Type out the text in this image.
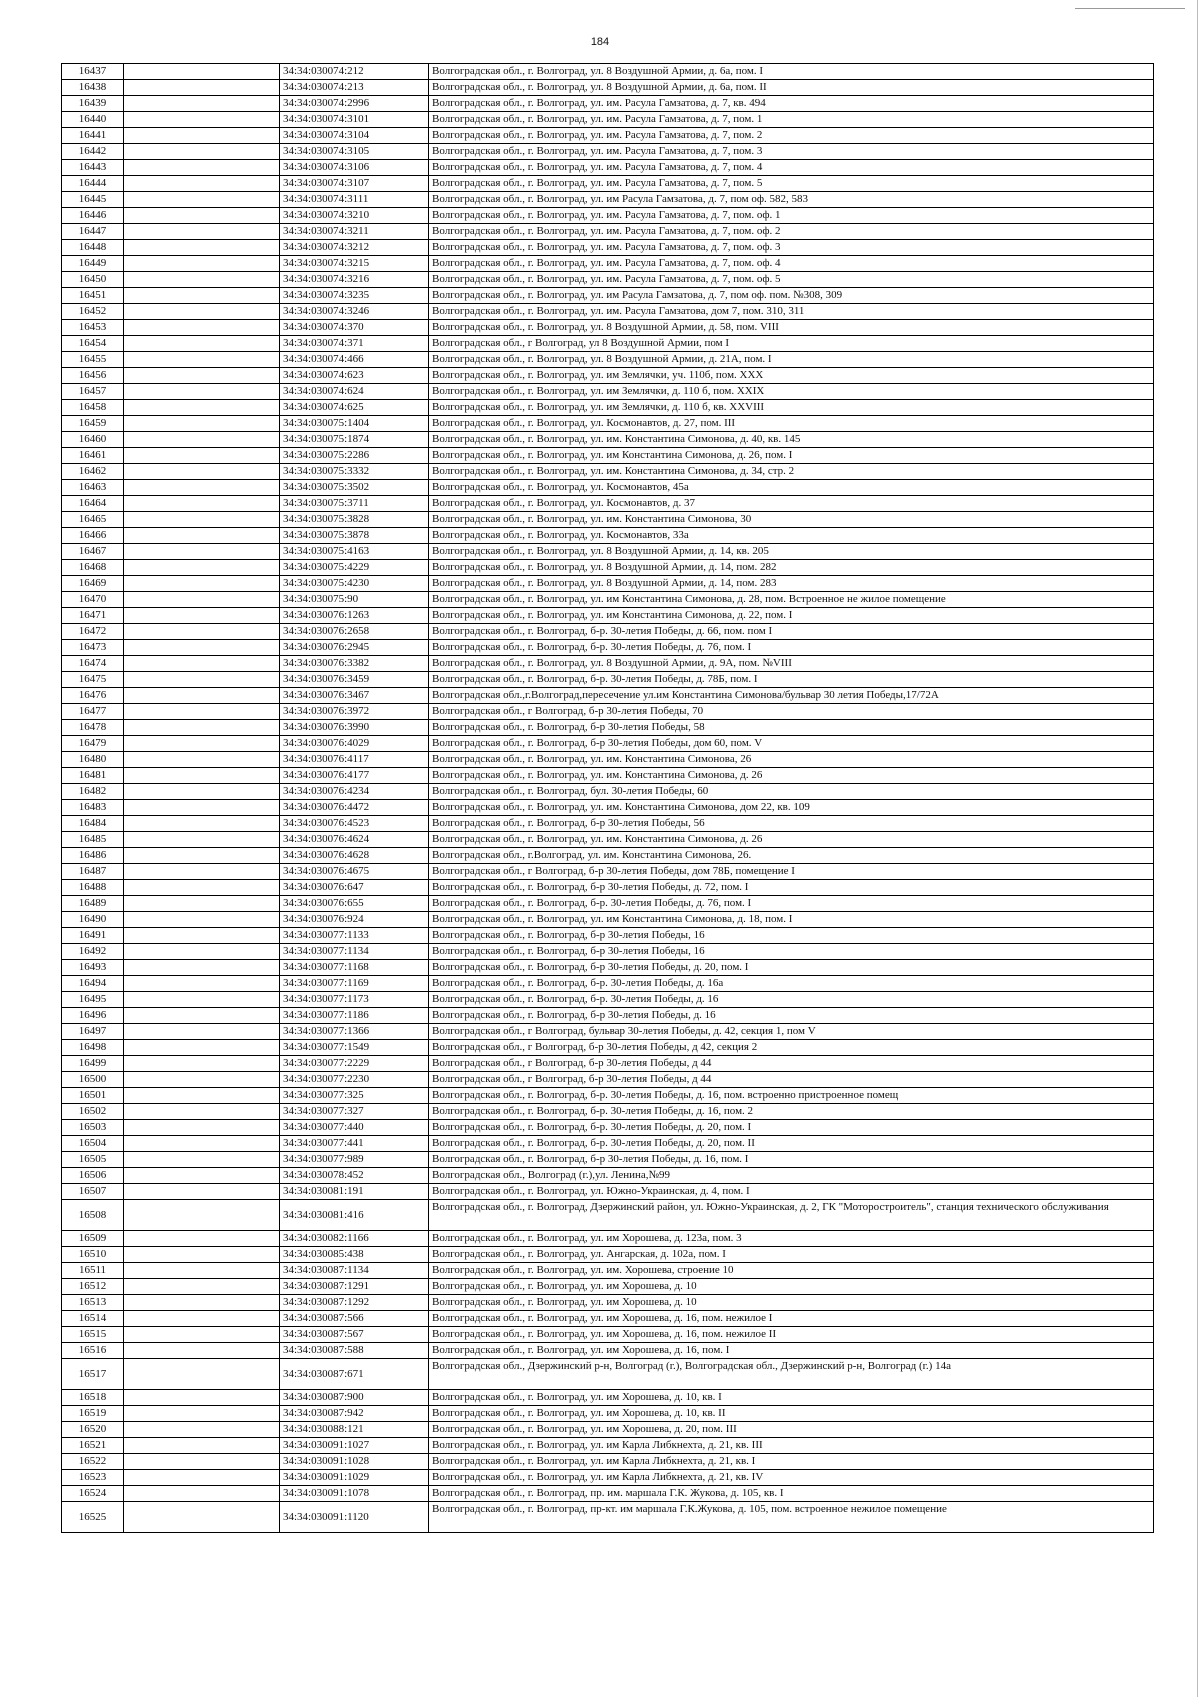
184
16437		34:34:030074:212	Волгоградская обл., г. Волгоград, ул. 8 Воздушной Армии, д. 6а, пом. I
16438		34:34:030074:213	Волгоградская обл., г. Волгоград, ул. 8 Воздушной Армии, д. 6а, пом. II
16439		34:34:030074:2996	Волгоградская обл., г. Волгоград, ул. им. Расула Гамзатова, д. 7, кв. 494
16440		34:34:030074:3101	Волгоградская обл., г. Волгоград, ул. им. Расула Гамзатова, д. 7, пом. 1
16441		34:34:030074:3104	Волгоградская обл., г. Волгоград, ул. им. Расула Гамзатова, д. 7, пом. 2
16442		34:34:030074:3105	Волгоградская обл., г. Волгоград, ул. им. Расула Гамзатова, д. 7, пом. 3
16443		34:34:030074:3106	Волгоградская обл., г. Волгоград, ул. им. Расула Гамзатова, д. 7, пом. 4
16444		34:34:030074:3107	Волгоградская обл., г. Волгоград, ул. им. Расула Гамзатова, д. 7, пом. 5
16445		34:34:030074:3111	Волгоградская обл., г. Волгоград, ул. им Расула Гамзатова, д. 7, пом оф. 582, 583
16446		34:34:030074:3210	Волгоградская обл., г. Волгоград, ул. им. Расула Гамзатова, д. 7, пом. оф. 1
16447		34:34:030074:3211	Волгоградская обл., г. Волгоград, ул. им. Расула Гамзатова, д. 7, пом. оф. 2
16448		34:34:030074:3212	Волгоградская обл., г. Волгоград, ул. им. Расула Гамзатова, д. 7, пом. оф. 3
16449		34:34:030074:3215	Волгоградская обл., г. Волгоград, ул. им. Расула Гамзатова, д. 7, пом. оф. 4
16450		34:34:030074:3216	Волгоградская обл., г. Волгоград, ул. им. Расула Гамзатова, д. 7, пом. оф. 5
16451		34:34:030074:3235	Волгоградская обл., г. Волгоград, ул. им Расула Гамзатова, д. 7, пом оф. пом. №308, 309
16452		34:34:030074:3246	Волгоградская обл., г. Волгоград, ул. им. Расула Гамзатова, дом 7, пом. 310, 311
16453		34:34:030074:370	Волгоградская обл., г. Волгоград, ул. 8 Воздушной Армии, д. 58, пом. VIII
16454		34:34:030074:371	Волгоградская обл., г Волгоград, ул 8 Воздушной Армии, пом I
16455		34:34:030074:466	Волгоградская обл., г. Волгоград, ул. 8 Воздушной Армии, д. 21А, пом. I
16456		34:34:030074:623	Волгоградская обл., г. Волгоград, ул. им Землячки, уч. 110б, пом. XXX
16457		34:34:030074:624	Волгоградская обл., г. Волгоград, ул. им Землячки, д. 110 б, пом. XXIX
16458		34:34:030074:625	Волгоградская обл., г. Волгоград, ул. им Землячки, д. 110 б, кв. XXVIII
16459		34:34:030075:1404	Волгоградская обл., г. Волгоград, ул. Космонавтов, д. 27, пом. III
16460		34:34:030075:1874	Волгоградская обл., г. Волгоград, ул. им. Константина Симонова, д. 40, кв. 145
16461		34:34:030075:2286	Волгоградская обл., г. Волгоград, ул. им Константина Симонова, д. 26, пом. I
16462		34:34:030075:3332	Волгоградская обл., г. Волгоград, ул. им. Константина Симонова, д. 34, стр. 2
16463		34:34:030075:3502	Волгоградская обл., г. Волгоград, ул. Космонавтов, 45а
16464		34:34:030075:3711	Волгоградская обл., г. Волгоград, ул. Космонавтов, д. 37
16465		34:34:030075:3828	Волгоградская обл., г. Волгоград, ул. им. Константина Симонова, 30
16466		34:34:030075:3878	Волгоградская обл., г. Волгоград, ул. Космонавтов, 33а
16467		34:34:030075:4163	Волгоградская обл., г. Волгоград, ул. 8 Воздушной Армии, д. 14, кв. 205
16468		34:34:030075:4229	Волгоградская обл., г. Волгоград, ул. 8 Воздушной Армии, д. 14, пом. 282
16469		34:34:030075:4230	Волгоградская обл., г. Волгоград, ул. 8 Воздушной Армии, д. 14, пом. 283
16470		34:34:030075:90	Волгоградская обл., г. Волгоград, ул. им Константина Симонова, д. 28, пом. Встроенное не жилое помещение
16471		34:34:030076:1263	Волгоградская обл., г. Волгоград, ул. им Константина Симонова, д. 22, пом. I
16472		34:34:030076:2658	Волгоградская обл., г. Волгоград, б-р. 30-летия Победы, д. 66, пом. пом I
16473		34:34:030076:2945	Волгоградская обл., г. Волгоград, б-р. 30-летия Победы, д. 76, пом. I
16474		34:34:030076:3382	Волгоградская обл., г. Волгоград, ул. 8 Воздушной Армии, д. 9А, пом. №VIII
16475		34:34:030076:3459	Волгоградская обл., г. Волгоград, б-р. 30-летия Победы, д. 78Б, пом. I
16476		34:34:030076:3467	Волгоградская обл.,г.Волгоград,пересечение ул.им Константина Симонова/бульвар 30 летия Победы,17/72А
16477		34:34:030076:3972	Волгоградская обл., г Волгоград, б-р 30-летия Победы, 70
16478		34:34:030076:3990	Волгоградская обл., г. Волгоград, б-р 30-летия Победы, 58
16479		34:34:030076:4029	Волгоградская обл., г. Волгоград, б-р 30-летия Победы, дом 60, пом. V
16480		34:34:030076:4117	Волгоградская обл., г. Волгоград, ул. им. Константина Симонова, 26
16481		34:34:030076:4177	Волгоградская обл., г. Волгоград, ул. им. Константина Симонова, д. 26
16482		34:34:030076:4234	Волгоградская обл., г. Волгоград, бул. 30-летия Победы, 60
16483		34:34:030076:4472	Волгоградская обл., г. Волгоград, ул. им. Константина Симонова, дом 22, кв. 109
16484		34:34:030076:4523	Волгоградская обл., г. Волгоград, б-р 30-летия Победы, 56
16485		34:34:030076:4624	Волгоградская обл., г. Волгоград, ул. им. Константина Симонова, д. 26
16486		34:34:030076:4628	Волгоградская обл., г.Волгоград, ул. им. Константина Симонова, 26.
16487		34:34:030076:4675	Волгоградская обл., г Волгоград, б-р 30-летия Победы, дом 78Б, помещение I
16488		34:34:030076:647	Волгоградская обл., г. Волгоград, б-р 30-летия Победы, д. 72, пом. I
16489		34:34:030076:655	Волгоградская обл., г. Волгоград, б-р. 30-летия Победы, д. 76, пом. I
16490		34:34:030076:924	Волгоградская обл., г. Волгоград, ул. им Константина Симонова, д. 18, пом. I
16491		34:34:030077:1133	Волгоградская обл., г. Волгоград, б-р 30-летия Победы, 16
16492		34:34:030077:1134	Волгоградская обл., г. Волгоград, б-р 30-летия Победы, 16
16493		34:34:030077:1168	Волгоградская обл., г. Волгоград, б-р 30-летия Победы, д. 20, пом. I
16494		34:34:030077:1169	Волгоградская обл., г. Волгоград, б-р. 30-летия Победы, д. 16а
16495		34:34:030077:1173	Волгоградская обл., г. Волгоград, б-р. 30-летия Победы, д. 16
16496		34:34:030077:1186	Волгоградская обл., г. Волгоград, б-р 30-летия Победы, д. 16
16497		34:34:030077:1366	Волгоградская обл., г Волгоград, бульвар 30-летия Победы, д. 42, секция 1, пом V
16498		34:34:030077:1549	Волгоградская обл., г Волгоград, б-р 30-летия Победы, д 42, секция 2
16499		34:34:030077:2229	Волгоградская обл., г Волгоград, б-р 30-летия Победы, д 44
16500		34:34:030077:2230	Волгоградская обл., г Волгоград, б-р 30-летия Победы, д 44
16501		34:34:030077:325	Волгоградская обл., г. Волгоград, б-р. 30-летия Победы, д. 16, пом. встроенно пристроенное помещ
16502		34:34:030077:327	Волгоградская обл., г. Волгоград, б-р. 30-летия Победы, д. 16, пом. 2
16503		34:34:030077:440	Волгоградская обл., г. Волгоград, б-р. 30-летия Победы, д. 20, пом. I
16504		34:34:030077:441	Волгоградская обл., г. Волгоград, б-р. 30-летия Победы, д. 20, пом. II
16505		34:34:030077:989	Волгоградская обл., г. Волгоград, б-р 30-летия Победы, д. 16, пом. I
16506		34:34:030078:452	Волгоградская обл., Волгоград (г.),ул. Ленина,№99
16507		34:34:030081:191	Волгоградская обл., г. Волгоград, ул. Южно-Украинская, д. 4, пом. I
16508		34:34:030081:416	Волгоградская обл., г. Волгоград, Дзержинский район, ул. Южно-Украинская, д. 2, ГК "Моторостроитель", станция технического обслуживания
16509		34:34:030082:1166	Волгоградская обл., г. Волгоград, ул. им Хорошева, д. 123а, пом. 3
16510		34:34:030085:438	Волгоградская обл., г. Волгоград, ул. Ангарская, д. 102а, пом. I
16511		34:34:030087:1134	Волгоградская обл., г. Волгоград, ул. им. Хорошева, строение 10
16512		34:34:030087:1291	Волгоградская обл., г. Волгоград, ул. им Хорошева, д. 10
16513		34:34:030087:1292	Волгоградская обл., г. Волгоград, ул. им Хорошева, д. 10
16514		34:34:030087:566	Волгоградская обл., г. Волгоград, ул. им Хорошева, д. 16, пом. нежилое I
16515		34:34:030087:567	Волгоградская обл., г. Волгоград, ул. им Хорошева, д. 16, пом. нежилое II
16516		34:34:030087:588	Волгоградская обл., г. Волгоград, ул. им Хорошева, д. 16, пом. I
16517		34:34:030087:671	Волгоградская обл., Дзержинский р-н, Волгоград (г.), Волгоградская обл., Дзержинский р-н, Волгоград (г.) 14а
16518		34:34:030087:900	Волгоградская обл., г. Волгоград, ул. им Хорошева, д. 10, кв. I
16519		34:34:030087:942	Волгоградская обл., г. Волгоград, ул. им Хорошева, д. 10, кв. II
16520		34:34:030088:121	Волгоградская обл., г. Волгоград, ул. им Хорошева, д. 20, пом. III
16521		34:34:030091:1027	Волгоградская обл., г. Волгоград, ул. им Карла Либкнехта, д. 21, кв. III
16522		34:34:030091:1028	Волгоградская обл., г. Волгоград, ул. им Карла Либкнехта, д. 21, кв. I
16523		34:34:030091:1029	Волгоградская обл., г. Волгоград, ул. им Карла Либкнехта, д. 21, кв. IV
16524		34:34:030091:1078	Волгоградская обл., г. Волгоград, пр. им. маршала Г.К. Жукова, д. 105, кв. I
16525		34:34:030091:1120	Волгоградская обл., г. Волгоград, пр-кт. им маршала Г.К.Жукова, д. 105, пом. встроенное нежилое помещение
